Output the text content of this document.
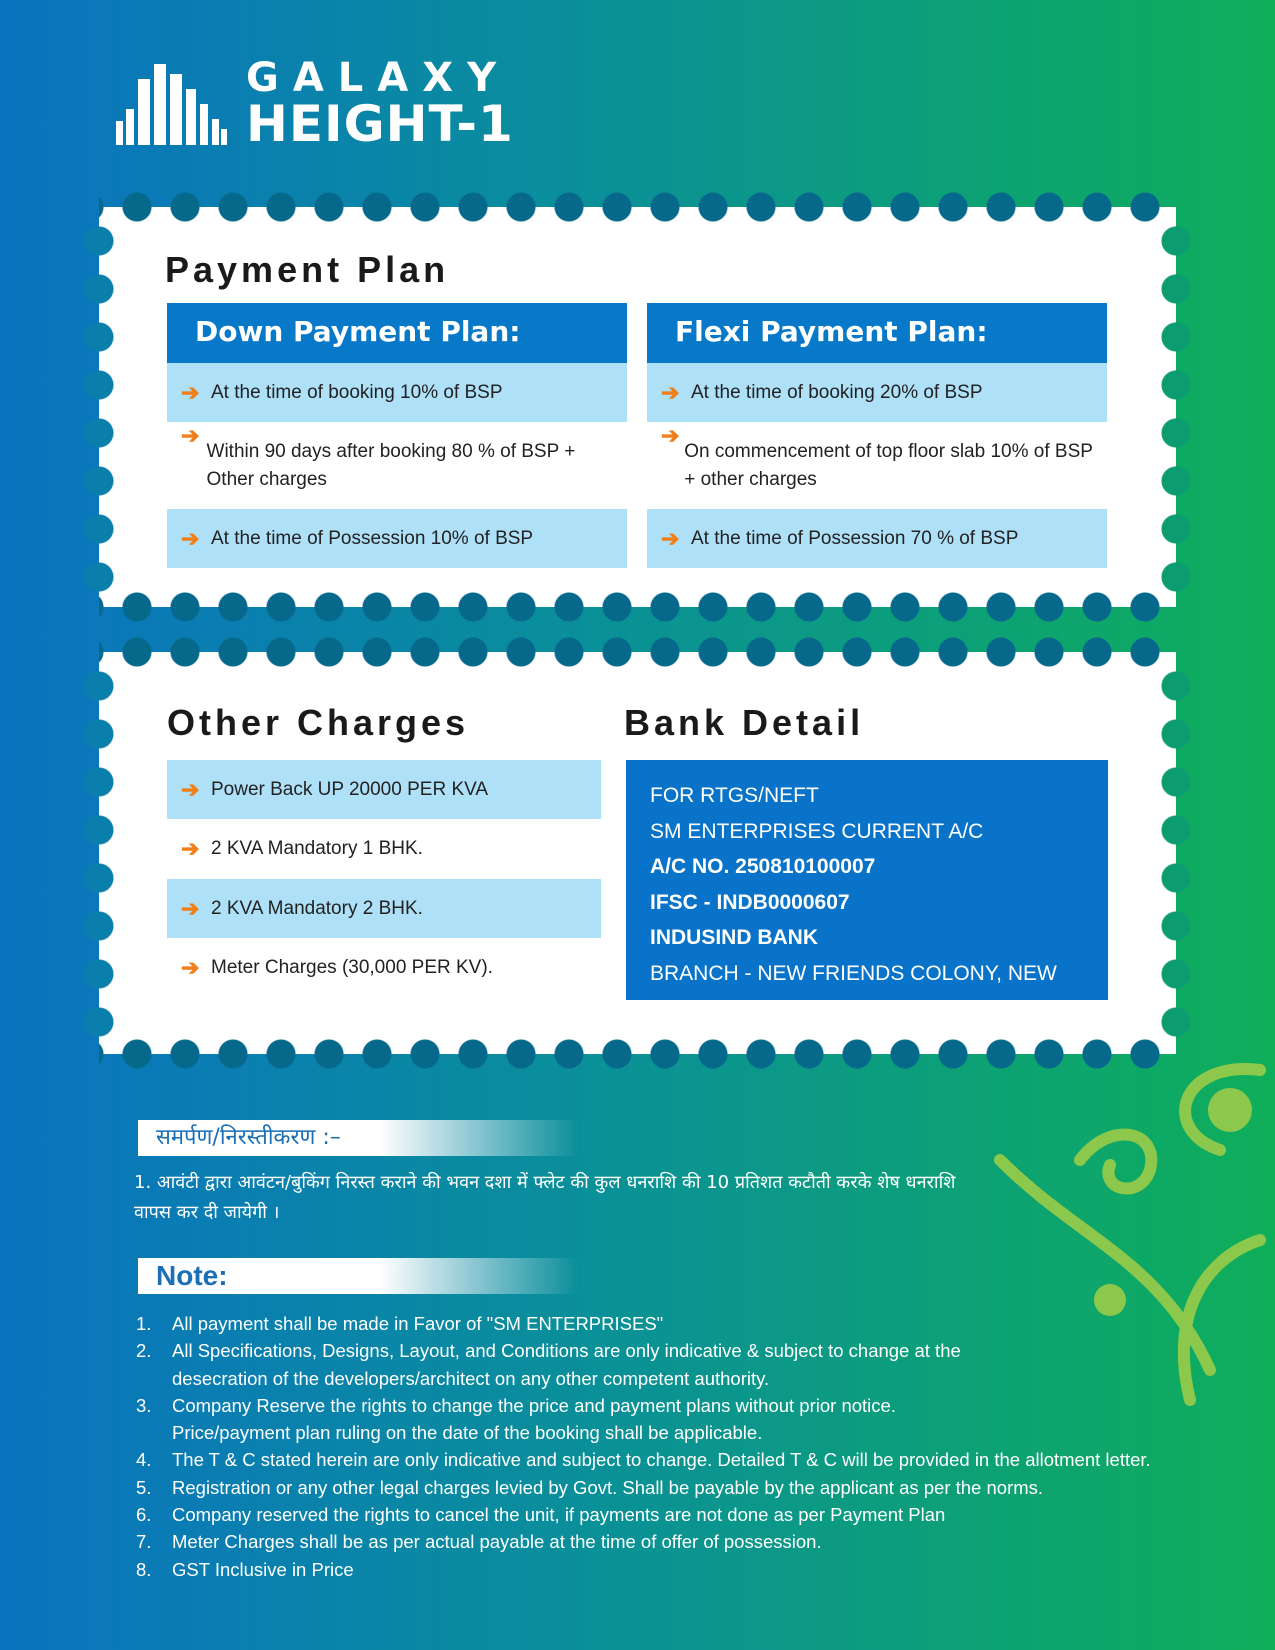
GALAXY
HEIGHT-1
Payment Plan
Down Payment Plan:
➔ At the time of booking 10% of BSP
➔
Within 90 days after booking 80 % of BSP + Other charges
➔ At the time of Possession 10% of BSP
Flexi Payment Plan:
➔ At the time of booking 20% of BSP
➔
On commencement of top floor slab 10% of BSP + other charges
➔ At the time of Possession 70 % of BSP
Other Charges	Bank Detail
➔ Power Back UP 20000 PER KVA
➔ 2 KVA Mandatory 1 BHK.
➔ 2 KVA Mandatory 2 BHK.
➔ Meter Charges (30,000 PER KV).
FOR RTGS/NEFT
SM ENTERPRISES CURRENT A/C
A/C NO. 250810100007
IFSC - INDB0000607
INDUSIND BANK
BRANCH - NEW FRIENDS COLONY, NEW DELHI
समर्पण/निरस्तीकरण :–
1. आवंटी द्वारा आवंटन/बुकिंग निरस्त कराने की भवन दशा में फ्लेट की कुल धनराशि की 10 प्रतिशत कटौती करके शेष धनराशि वापस कर दी जायेगी ।
Note:
1.	All payment shall be made in Favor of "SM ENTERPRISES"
2.	All Specifications, Designs, Layout, and Conditions are only indicative & subject to change at the desecration of the developers/architect on any other competent authority.
3.	Company Reserve the rights to change the price and payment plans without prior notice. Price/payment plan ruling on the date of the booking shall be applicable.
4.	The T & C stated herein are only indicative and subject to change. Detailed T & C will be provided in the allotment letter.
5.	Registration or any other legal charges levied by Govt. Shall be payable by the applicant as per the norms.
6.	Company reserved the rights to cancel the unit, if payments are not done as per Payment Plan
7.	Meter Charges shall be as per actual payable at the time of offer of possession.
8.	GST Inclusive in Price
